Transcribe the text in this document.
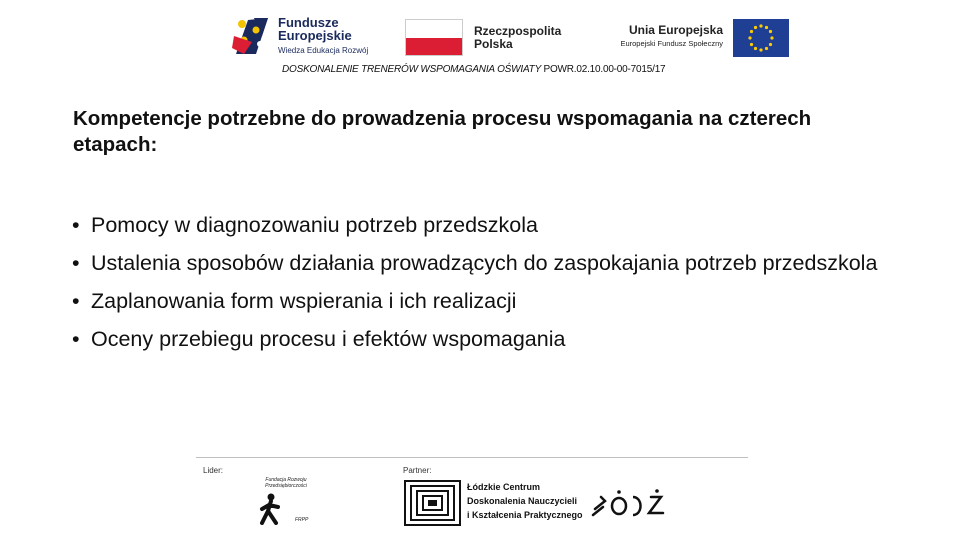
Fundusze
Europejskie
Wiedza Edukacja Rozwój
Rzeczpospolita
Polska
Unia Europejska
Europejski Fundusz Społeczny
DOSKONALENIE TRENERÓW WSPOMAGANIA OŚWIATY POWR.02.10.00-00-7015/17
Kompetencje potrzebne do prowadzenia procesu wspomagania na czterech etapach:
• Pomocy w diagnozowaniu potrzeb przedszkola
• Ustalenia sposobów działania prowadzących do zaspokajania potrzeb przedszkola
• Zaplanowania form wspierania i ich realizacji
• Oceny przebiegu procesu i efektów wspomagania
Lider:	Partner:
Fundacja Rozwoju
Przedsiębiorczości
FRPP
Łódzkie Centrum
Doskonalenia Nauczycieli
i Kształcenia Praktycznego
